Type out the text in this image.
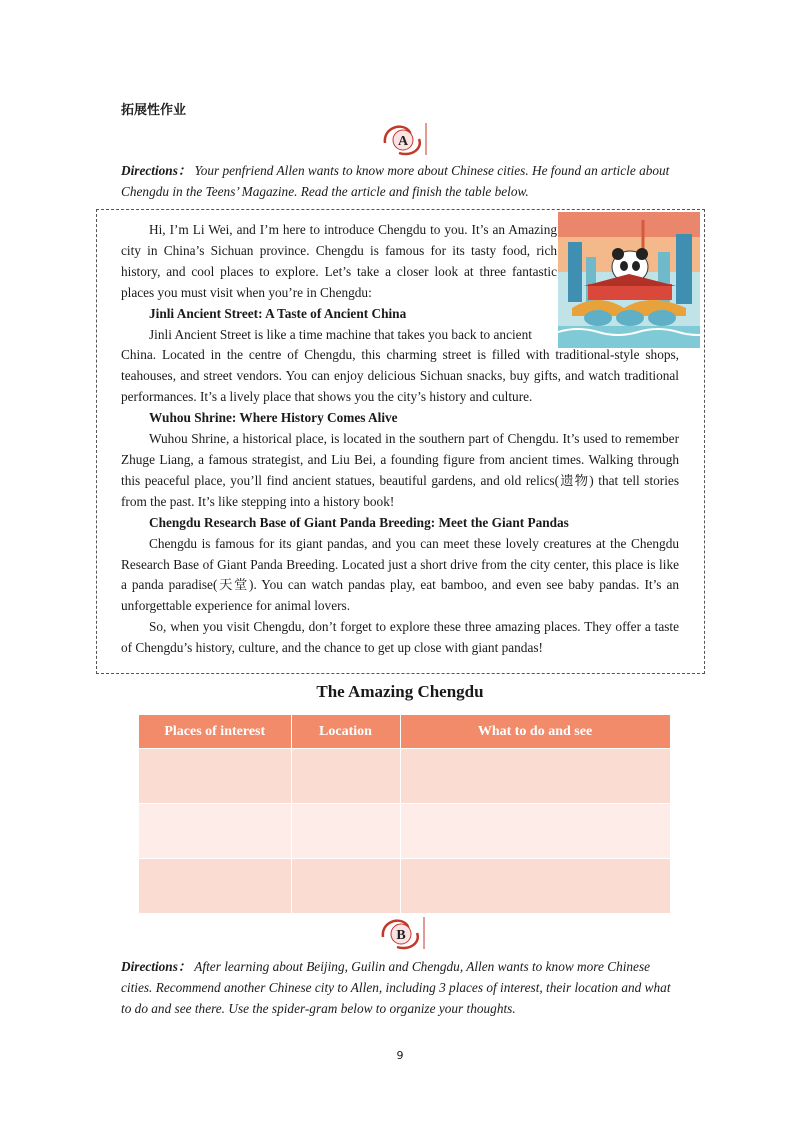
拓展性作业
A
Directions： Your penfriend Allen wants to know more about Chinese cities. He found an article about Chengdu in the Teens’ Magazine. Read the article and finish the table below.

Hi, I’m Li Wei, and I’m here to introduce Chengdu to you. It’s an Amazing city in China’s Sichuan province. Chengdu is famous for its tasty food, rich history, and cool places to explore. Let’s take a closer look at three fantastic places you must visit when you’re in Chengdu:

Jinli Ancient Street: A Taste of Ancient China

Jinli Ancient Street is like a time machine that takes you back to ancient

China. Located in the centre of Chengdu, this charming street is filled with traditional-style shops, teahouses, and street vendors. You can enjoy delicious Sichuan snacks, buy gifts, and watch traditional performances. It’s a lively place that shows you the city’s history and culture.

Wuhou Shrine: Where History Comes Alive

Wuhou Shrine, a historical place, is located in the southern part of Chengdu. It’s used to remember Zhuge Liang, a famous strategist, and Liu Bei, a founding figure from ancient times. Walking through this peaceful place, you’ll find ancient statues, beautiful gardens, and old relics(遗物) that tell stories from the past. It’s like stepping into a history book!

Chengdu Research Base of Giant Panda Breeding: Meet the Giant Pandas

Chengdu is famous for its giant pandas, and you can meet these lovely creatures at the Chengdu Research Base of Giant Panda Breeding. Located just a short drive from the city center, this place is like a panda paradise(天堂). You can watch pandas play, eat bamboo, and even see baby pandas. It’s an unforgettable experience for animal lovers.

So, when you visit Chengdu, don’t forget to explore these three amazing places. They offer a taste of Chengdu’s history, culture, and the chance to get up close with giant pandas!

The Amazing Chengdu
Places of interest	Location	What to do and see

B
Directions： After learning about Beijing, Guilin and Chengdu, Allen wants to know more Chinese cities. Recommend another Chinese city to Allen, including 3 places of interest, their location and what to do and see there. Use the spider-gram below to organize your thoughts.
9
